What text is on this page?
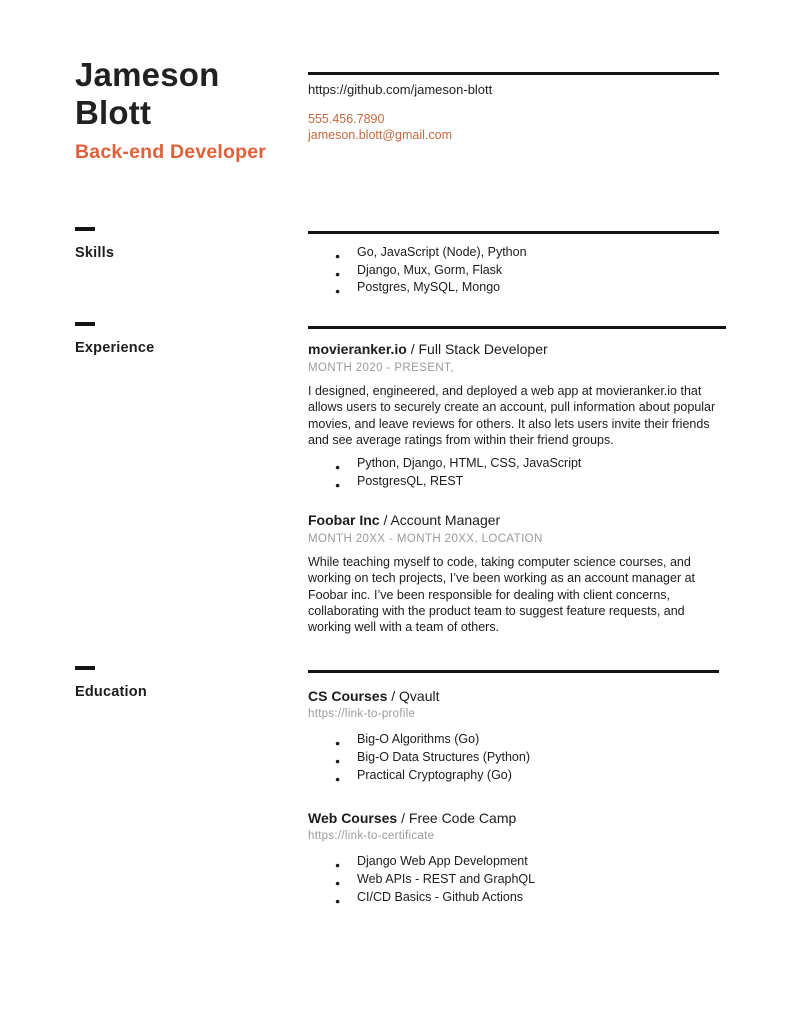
Jameson Blott
Back-end Developer
https://github.com/jameson-blott
555.456.7890
jameson.blott@gmail.com
Skills	● Go, JavaScript (Node), Python
● Django, Mux, Gorm, Flask
● Postgres, MySQL, Mongo
Experience	movieranker.io / Full Stack Developer
MONTH 2020 - PRESENT,
I designed, engineered, and deployed a web app at movieranker.io that allows users to securely create an account, pull information about popular movies, and leave reviews for others. It also lets users invite their friends and see average ratings from within their friend groups.
● Python, Django, HTML, CSS, JavaScript
● PostgresQL, REST
Foobar Inc / Account Manager
MONTH 20XX - MONTH 20XX, LOCATION
While teaching myself to code, taking computer science courses, and working on tech projects, I’ve been working as an account manager at Foobar inc. I’ve been responsible for dealing with client concerns, collaborating with the product team to suggest feature requests, and working well with a team of others.
Education	CS Courses / Qvault
https://link-to-profile
● Big-O Algorithms (Go)
● Big-O Data Structures (Python)
● Practical Cryptography (Go)
Web Courses / Free Code Camp
https://link-to-certificate
● Django Web App Development
● Web APIs - REST and GraphQL
● CI/CD Basics - Github Actions
